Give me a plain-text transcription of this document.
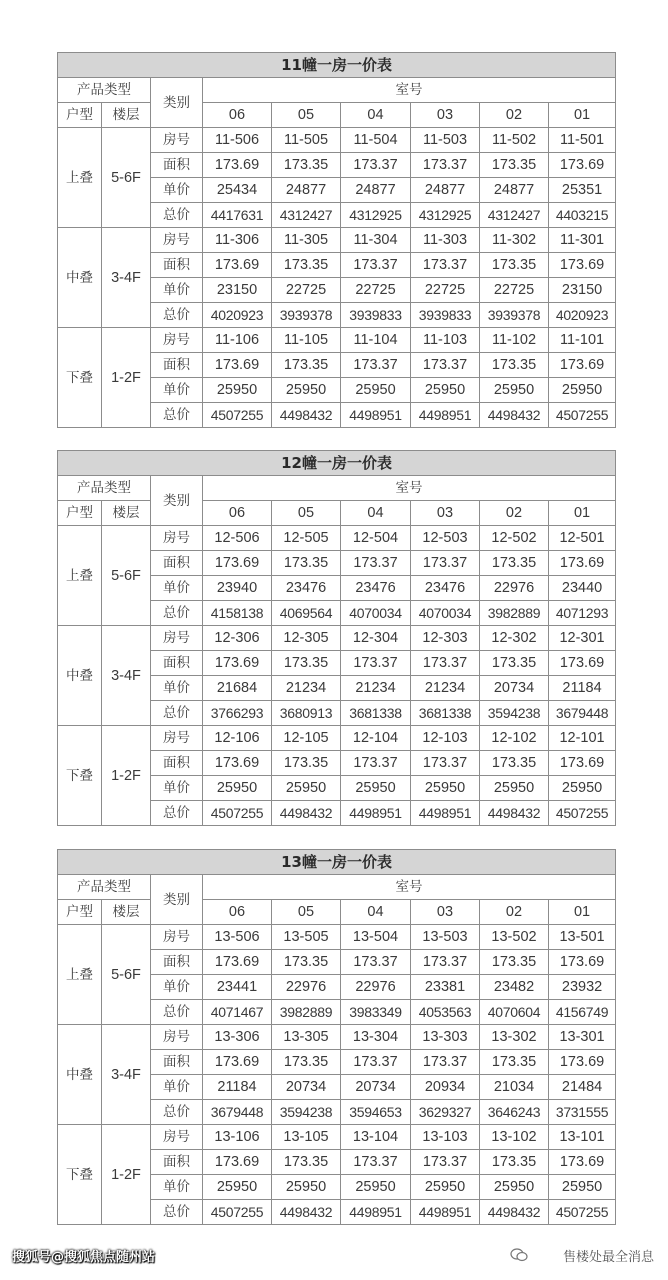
11幢一房一价表								
产品类型		类别	室号					
户型	楼层		06	05	04	03	02	01
上叠	5-6F	房号	11-506	11-505	11-504	11-503	11-502	11-501
		面积	173.69	173.35	173.37	173.37	173.35	173.69
		单价	25434	24877	24877	24877	24877	25351
		总价	4417631	4312427	4312925	4312925	4312427	4403215
中叠	3-4F	房号	11-306	11-305	11-304	11-303	11-302	11-301
		面积	173.69	173.35	173.37	173.37	173.35	173.69
		单价	23150	22725	22725	22725	22725	23150
		总价	4020923	3939378	3939833	3939833	3939378	4020923
下叠	1-2F	房号	11-106	11-105	11-104	11-103	11-102	11-101
		面积	173.69	173.35	173.37	173.37	173.35	173.69
		单价	25950	25950	25950	25950	25950	25950
		总价	4507255	4498432	4498951	4498951	4498432	4507255
12幢一房一价表								
产品类型		类别	室号					
户型	楼层		06	05	04	03	02	01
上叠	5-6F	房号	12-506	12-505	12-504	12-503	12-502	12-501
		面积	173.69	173.35	173.37	173.37	173.35	173.69
		单价	23940	23476	23476	23476	22976	23440
		总价	4158138	4069564	4070034	4070034	3982889	4071293
中叠	3-4F	房号	12-306	12-305	12-304	12-303	12-302	12-301
		面积	173.69	173.35	173.37	173.37	173.35	173.69
		单价	21684	21234	21234	21234	20734	21184
		总价	3766293	3680913	3681338	3681338	3594238	3679448
下叠	1-2F	房号	12-106	12-105	12-104	12-103	12-102	12-101
		面积	173.69	173.35	173.37	173.37	173.35	173.69
		单价	25950	25950	25950	25950	25950	25950
		总价	4507255	4498432	4498951	4498951	4498432	4507255
13幢一房一价表								
产品类型		类别	室号					
户型	楼层		06	05	04	03	02	01
上叠	5-6F	房号	13-506	13-505	13-504	13-503	13-502	13-501
		面积	173.69	173.35	173.37	173.37	173.35	173.69
		单价	23441	22976	22976	23381	23482	23932
		总价	4071467	3982889	3983349	4053563	4070604	4156749
中叠	3-4F	房号	13-306	13-305	13-304	13-303	13-302	13-301
		面积	173.69	173.35	173.37	173.37	173.35	173.69
		单价	21184	20734	20734	20934	21034	21484
		总价	3679448	3594238	3594653	3629327	3646243	3731555
下叠	1-2F	房号	13-106	13-105	13-104	13-103	13-102	13-101
		面积	173.69	173.35	173.37	173.37	173.35	173.69
		单价	25950	25950	25950	25950	25950	25950
		总价	4507255	4498432	4498951	4498951	4498432	4507255
搜狐号@搜狐焦点随州站	售楼处最全消息
